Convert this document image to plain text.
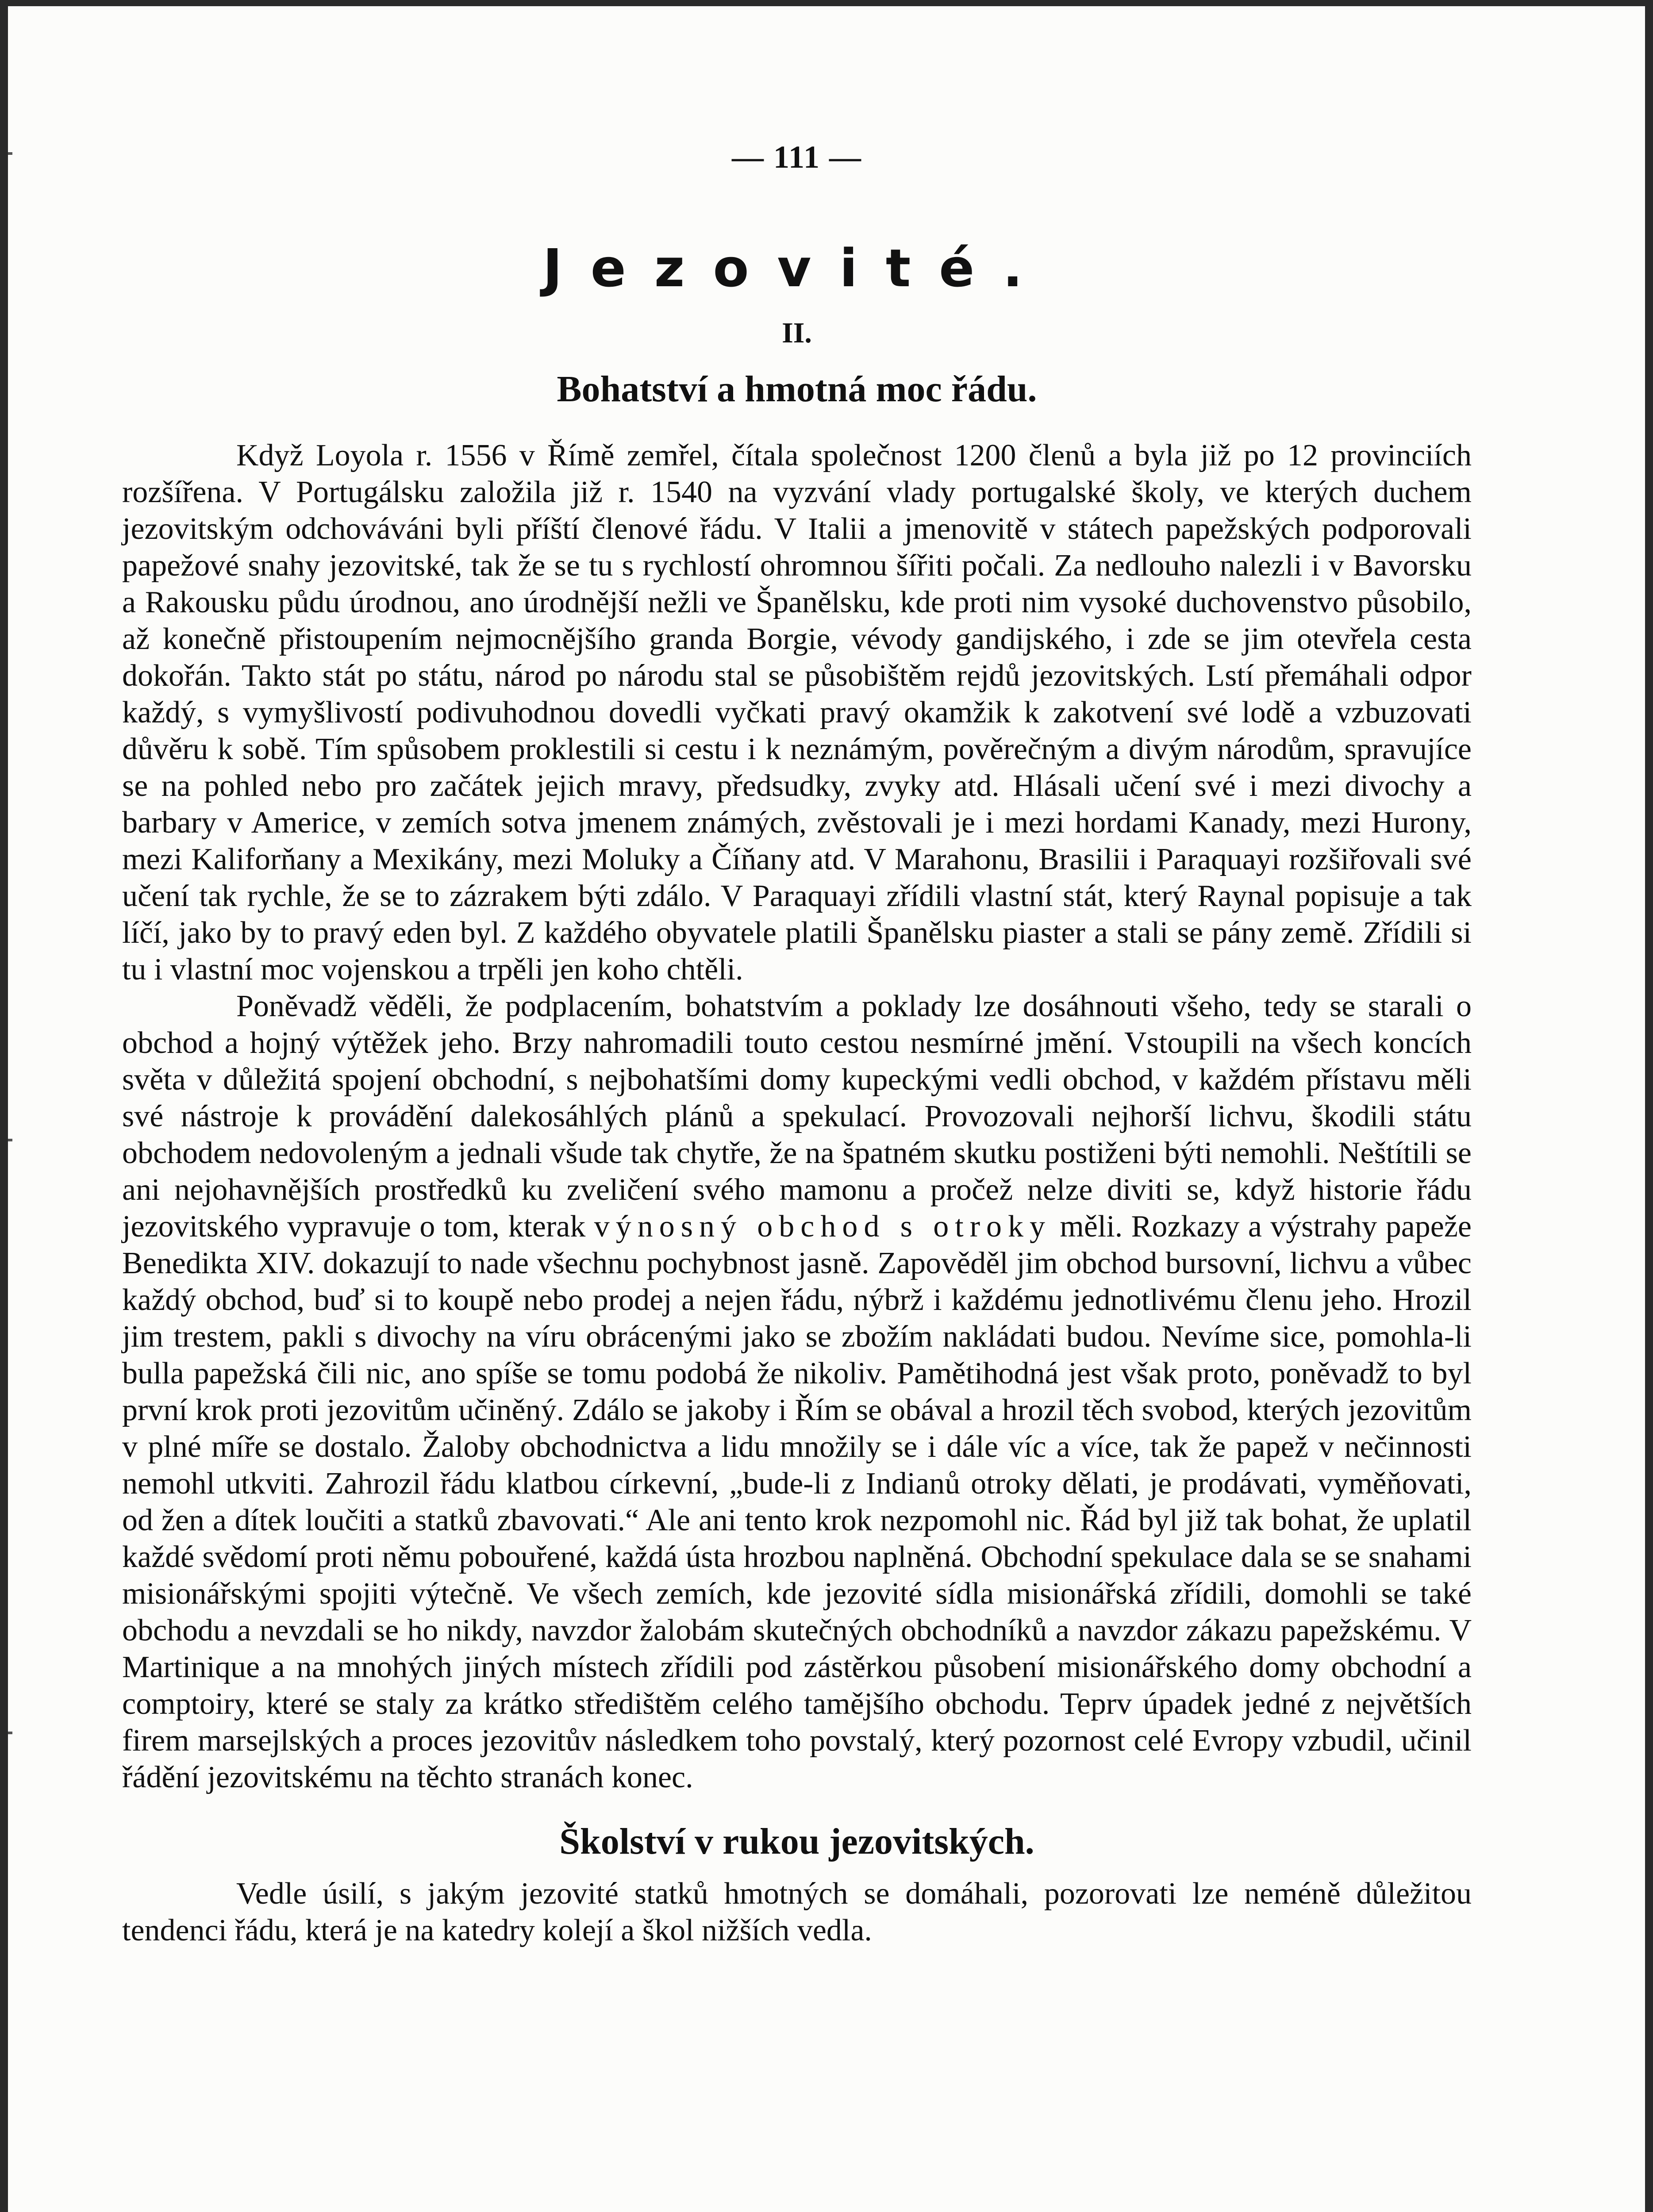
— 111 —

Jezovité.

II.

Bohatství a hmotná moc řádu.

Když Loyola r. 1556 v Římě zemřel, čítala společnost 1200 členů a byla již po 12 provinciích rozšířena. V Portugálsku založila již r. 1540 na vyzvání vlady portugalské školy, ve kterých duchem jezovitským odchováváni byli příští členové řádu. V Italii a jmenovitě v státech papežských podporovali papežové snahy jezovitské, tak že se tu s rychlostí ohromnou šířiti počali. Za nedlouho nalezli i v Bavorsku a Rakousku půdu úrodnou, ano úrodnější nežli ve Španělsku, kde proti nim vysoké duchovenstvo působilo, až konečně přistoupením nejmocnějšího granda Borgie, vévody gandijského, i zde se jim otevřela cesta dokořán. Takto stát po státu, národ po národu stal se působištěm rejdů jezovitských. Lstí přemáhali odpor každý, s vymyšlivostí podivuhodnou dovedli vyčkati pravý okamžik k zakotvení své lodě a vzbuzovati důvěru k sobě. Tím spůsobem proklestili si cestu i k neznámým, pověrečným a divým národům, spravujíce se na pohled nebo pro začátek jejich mravy, předsudky, zvyky atd. Hlásali učení své i mezi divochy a barbary v Americe, v zemích sotva jmenem známých, zvěstovali je i mezi hordami Kanady, mezi Hurony, mezi Kaliforňany a Mexikány, mezi Moluky a Číňany atd. V Marahonu, Brasilii i Paraquayi rozšiřovali své učení tak rychle, že se to zázrakem býti zdálo. V Paraquayi zřídili vlastní stát, který Raynal popisuje a tak líčí, jako by to pravý eden byl. Z každého obyvatele platili Španělsku piaster a stali se pány země. Zřídili si tu i vlastní moc vojenskou a trpěli jen koho chtěli.

Poněvadž věděli, že podplacením, bohatstvím a poklady lze dosáhnouti všeho, tedy se starali o obchod a hojný výtěžek jeho. Brzy nahromadili touto cestou nesmírné jmění. Vstoupili na všech koncích světa v důležitá spojení obchodní, s nejbohatšími domy kupeckými vedli obchod, v každém přístavu měli své nástroje k provádění dalekosáhlých plánů a spekulací. Provozovali nejhorší lichvu, škodili státu obchodem nedovoleným a jednali všude tak chytře, že na špatném skutku postiženi býti nemohli. Neštítili se ani nejohavnějších prostředků ku zveličení svého mamonu a pročež nelze diviti se, když historie řádu jezovitského vypravuje o tom, kterak výnosný obchod s otroky měli. Rozkazy a výstrahy papeže Benedikta XIV. dokazují to nade všechnu pochybnost jasně. Zapověděl jim obchod bursovní, lichvu a vůbec každý obchod, buď si to koupě nebo prodej a nejen řádu, nýbrž i každému jednotlivému členu jeho. Hrozil jim trestem, pakli s divochy na víru obrácenými jako se zbožím nakládati budou. Nevíme sice, pomohla-li bulla papežská čili nic, ano spíše se tomu podobá že nikoliv. Pamětihodná jest však proto, poněvadž to byl první krok proti jezovitům učiněný. Zdálo se jakoby i Řím se obával a hrozil těch svobod, kterých jezovitům v plné míře se dostalo. Žaloby obchodnictva a lidu množily se i dále víc a více, tak že papež v nečinnosti nemohl utkviti. Zahrozil řádu klatbou církevní, „bude-li z Indianů otroky dělati, je prodávati, vyměňovati, od žen a dítek loučiti a statků zbavovati.“ Ale ani tento krok nezpomohl nic. Řád byl již tak bohat, že uplatil každé svědomí proti němu pobouřené, každá ústa hrozbou naplněná. Obchodní spekulace dala se se snahami misionářskými spojiti výtečně. Ve všech zemích, kde jezovité sídla misionářská zřídili, domohli se také obchodu a nevzdali se ho nikdy, navzdor žalobám skutečných obchodníků a navzdor zákazu papežskému. V Martinique a na mnohých jiných místech zřídili pod zástěrkou působení misionářského domy obchodní a comptoiry, které se staly za krátko středištěm celého tamějšího obchodu. Teprv úpadek jedné z největších firem marsejlských a proces jezovitův následkem toho povstalý, který pozornost celé Evropy vzbudil, učinil řádění jezovitskému na těchto stranách konec.

Školství v rukou jezovitských.

Vedle úsilí, s jakým jezovité statků hmotných se domáhali, pozorovati lze neméně důležitou tendenci řádu, která je na katedry kolejí a škol nižších vedla.
